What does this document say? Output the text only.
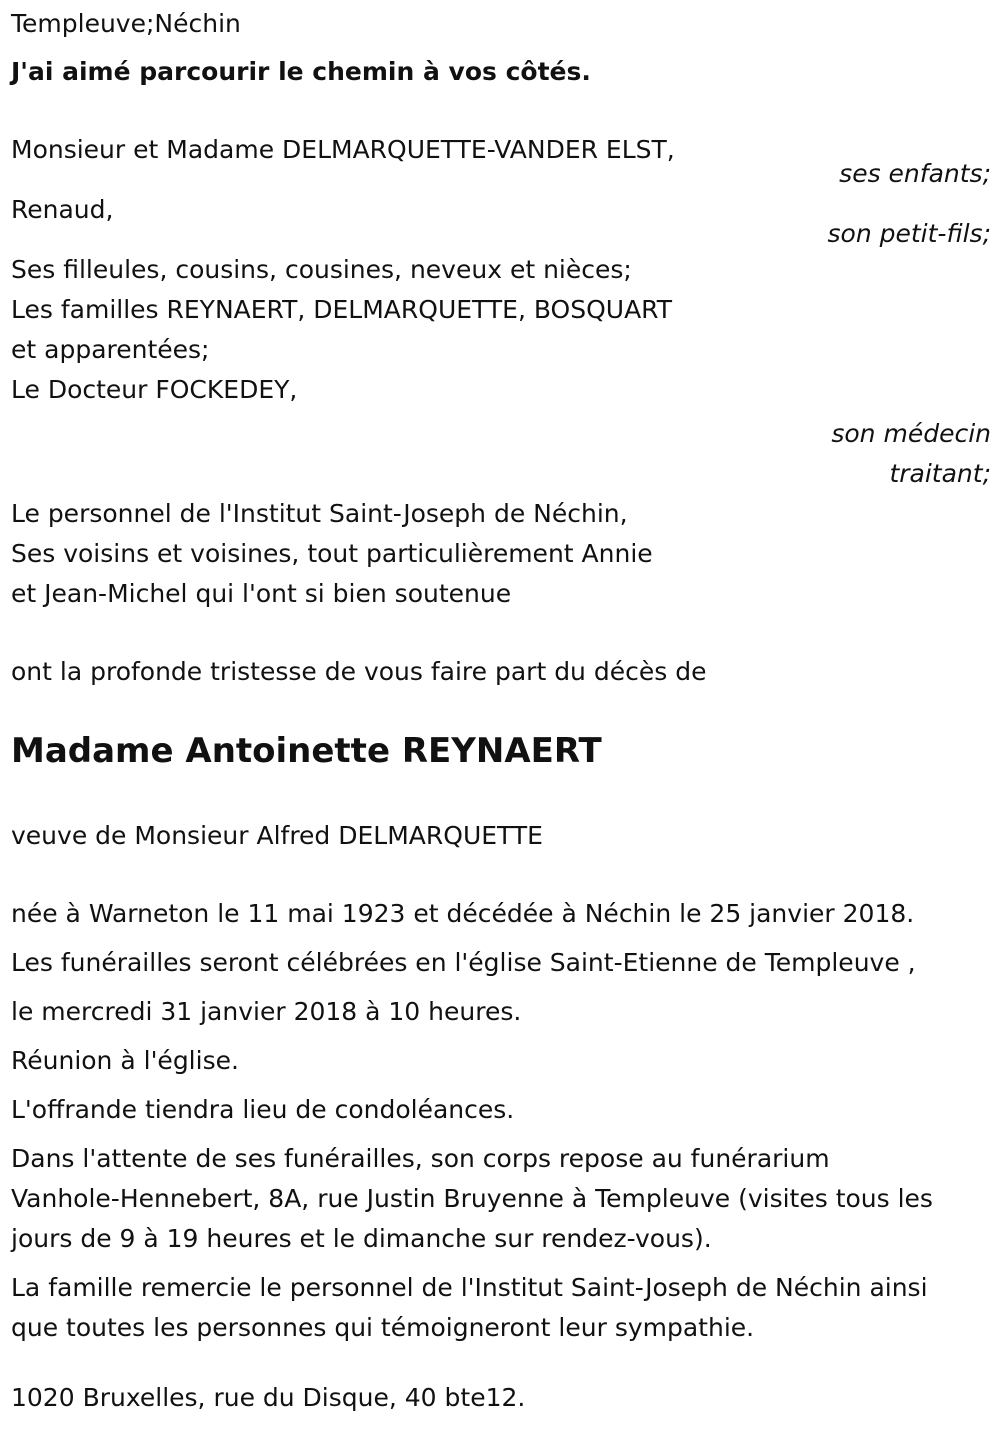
Templeuve;Néchin
J'ai aimé parcourir le chemin à vos côtés.
Monsieur et Madame DELMARQUETTE-VANDER ELST,
ses enfants;
Renaud,
son petit-fils;
Ses filleules, cousins, cousines, neveux et nièces;
Les familles REYNAERT, DELMARQUETTE, BOSQUART
et apparentées;
Le Docteur FOCKEDEY,
son médecin
traitant;
Le personnel de l'Institut Saint-Joseph de Néchin,
Ses voisins et voisines, tout particulièrement Annie
et Jean-Michel qui l'ont si bien soutenue
ont la profonde tristesse de vous faire part du décès de
Madame Antoinette REYNAERT
veuve de Monsieur Alfred DELMARQUETTE
née à Warneton le 11 mai 1923 et décédée à Néchin le 25 janvier 2018.
Les funérailles seront célébrées en l'église Saint-Etienne de Templeuve ,
le mercredi 31 janvier 2018 à 10 heures.
Réunion à l'église.
L'offrande tiendra lieu de condoléances.
Dans l'attente de ses funérailles, son corps repose au funérarium
Vanhole-Hennebert, 8A, rue Justin Bruyenne à Templeuve (visites tous les
jours de 9 à 19 heures et le dimanche sur rendez-vous).
La famille remercie le personnel de l'Institut Saint-Joseph de Néchin ainsi
que toutes les personnes qui témoigneront leur sympathie.
1020 Bruxelles, rue du Disque, 40 bte12.
